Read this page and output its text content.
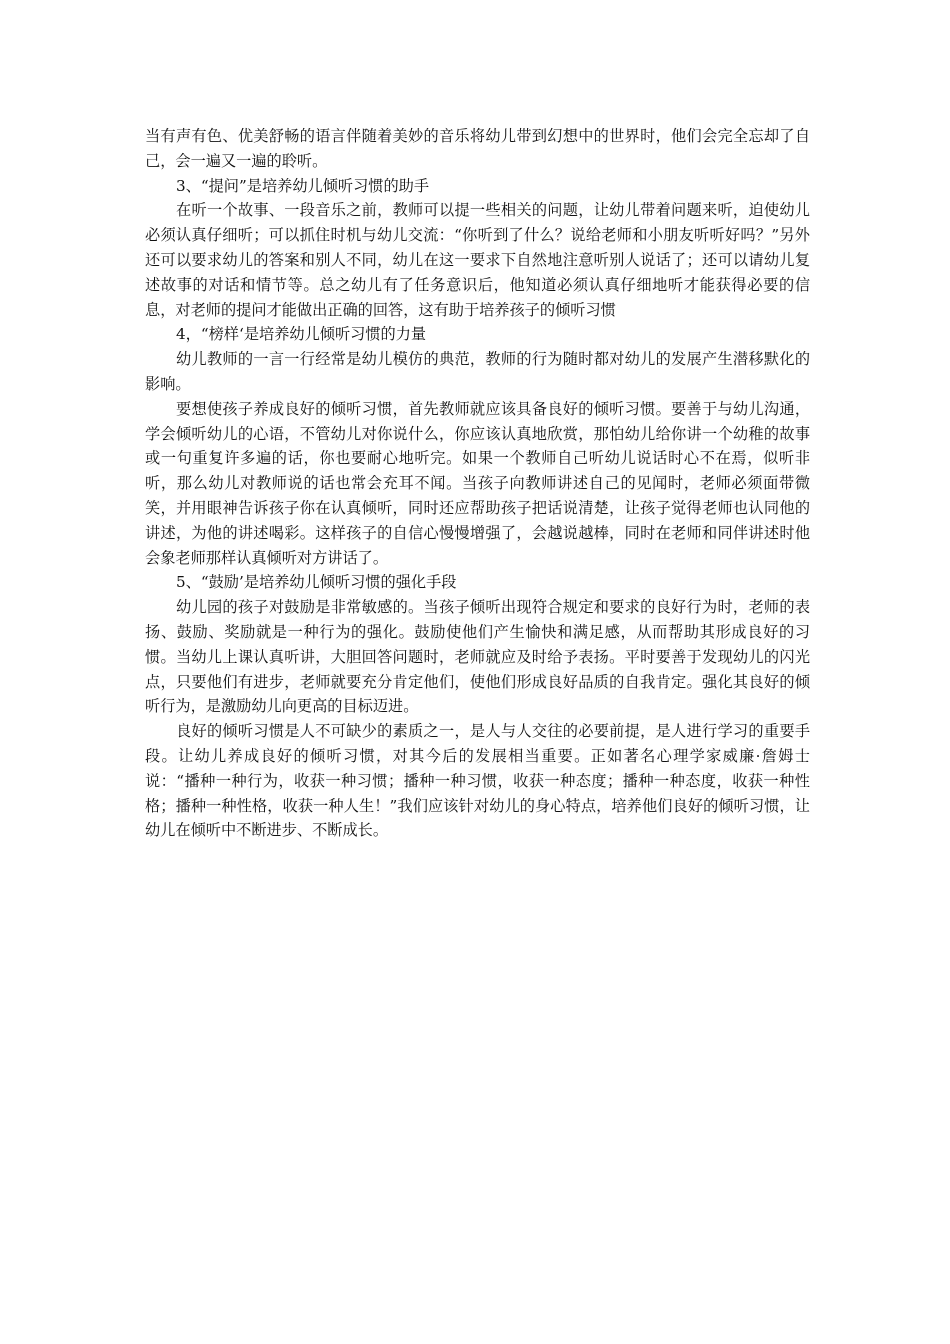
当有声有色、优美舒畅的语言伴随着美妙的音乐将幼儿带到幻想中的世界时，他们会完全忘却了自己，会一遍又一遍的聆听。

3、“提问”是培养幼儿倾听习惯的助手

在听一个故事、一段音乐之前，教师可以提一些相关的问题，让幼儿带着问题来听，迫使幼儿必须认真仔细听；可以抓住时机与幼儿交流：“你听到了什么？说给老师和小朋友听听好吗？”另外还可以要求幼儿的答案和别人不同，幼儿在这一要求下自然地注意听别人说话了；还可以请幼儿复述故事的对话和情节等。总之幼儿有了任务意识后，他知道必须认真仔细地听才能获得必要的信息，对老师的提问才能做出正确的回答，这有助于培养孩子的倾听习惯

4，“榜样‘是培养幼儿倾听习惯的力量

幼儿教师的一言一行经常是幼儿模仿的典范，教师的行为随时都对幼儿的发展产生潜移默化的影响。

要想使孩子养成良好的倾听习惯，首先教师就应该具备良好的倾听习惯。要善于与幼儿沟通，学会倾听幼儿的心语，不管幼儿对你说什么，你应该认真地欣赏，那怕幼儿给你讲一个幼稚的故事或一句重复许多遍的话，你也要耐心地听完。如果一个教师自己听幼儿说话时心不在焉，似听非听，那么幼儿对教师说的话也常会充耳不闻。当孩子向教师讲述自己的见闻时，老师必须面带微笑，并用眼神告诉孩子你在认真倾听，同时还应帮助孩子把话说清楚，让孩子觉得老师也认同他的讲述，为他的讲述喝彩。这样孩子的自信心慢慢增强了，会越说越棒，同时在老师和同伴讲述时他会象老师那样认真倾听对方讲话了。

5、“鼓励’是培养幼儿倾听习惯的强化手段

幼儿园的孩子对鼓励是非常敏感的。当孩子倾听出现符合规定和要求的良好行为时，老师的表扬、鼓励、奖励就是一种行为的强化。鼓励使他们产生愉快和满足感，从而帮助其形成良好的习惯。当幼儿上课认真听讲，大胆回答问题时，老师就应及时给予表扬。平时要善于发现幼儿的闪光点，只要他们有进步，老师就要充分肯定他们，使他们形成良好品质的自我肯定。强化其良好的倾听行为，是激励幼儿向更高的目标迈进。

良好的倾听习惯是人不可缺少的素质之一，是人与人交往的必要前提，是人进行学习的重要手段。让幼儿养成良好的倾听习惯，对其今后的发展相当重要。正如著名心理学家威廉·詹姆士说：“播种一种行为，收获一种习惯；播种一种习惯，收获一种态度；播种一种态度，收获一种性格；播种一种性格，收获一种人生！”我们应该针对幼儿的身心特点，培养他们良好的倾听习惯，让幼儿在倾听中不断进步、不断成长。
